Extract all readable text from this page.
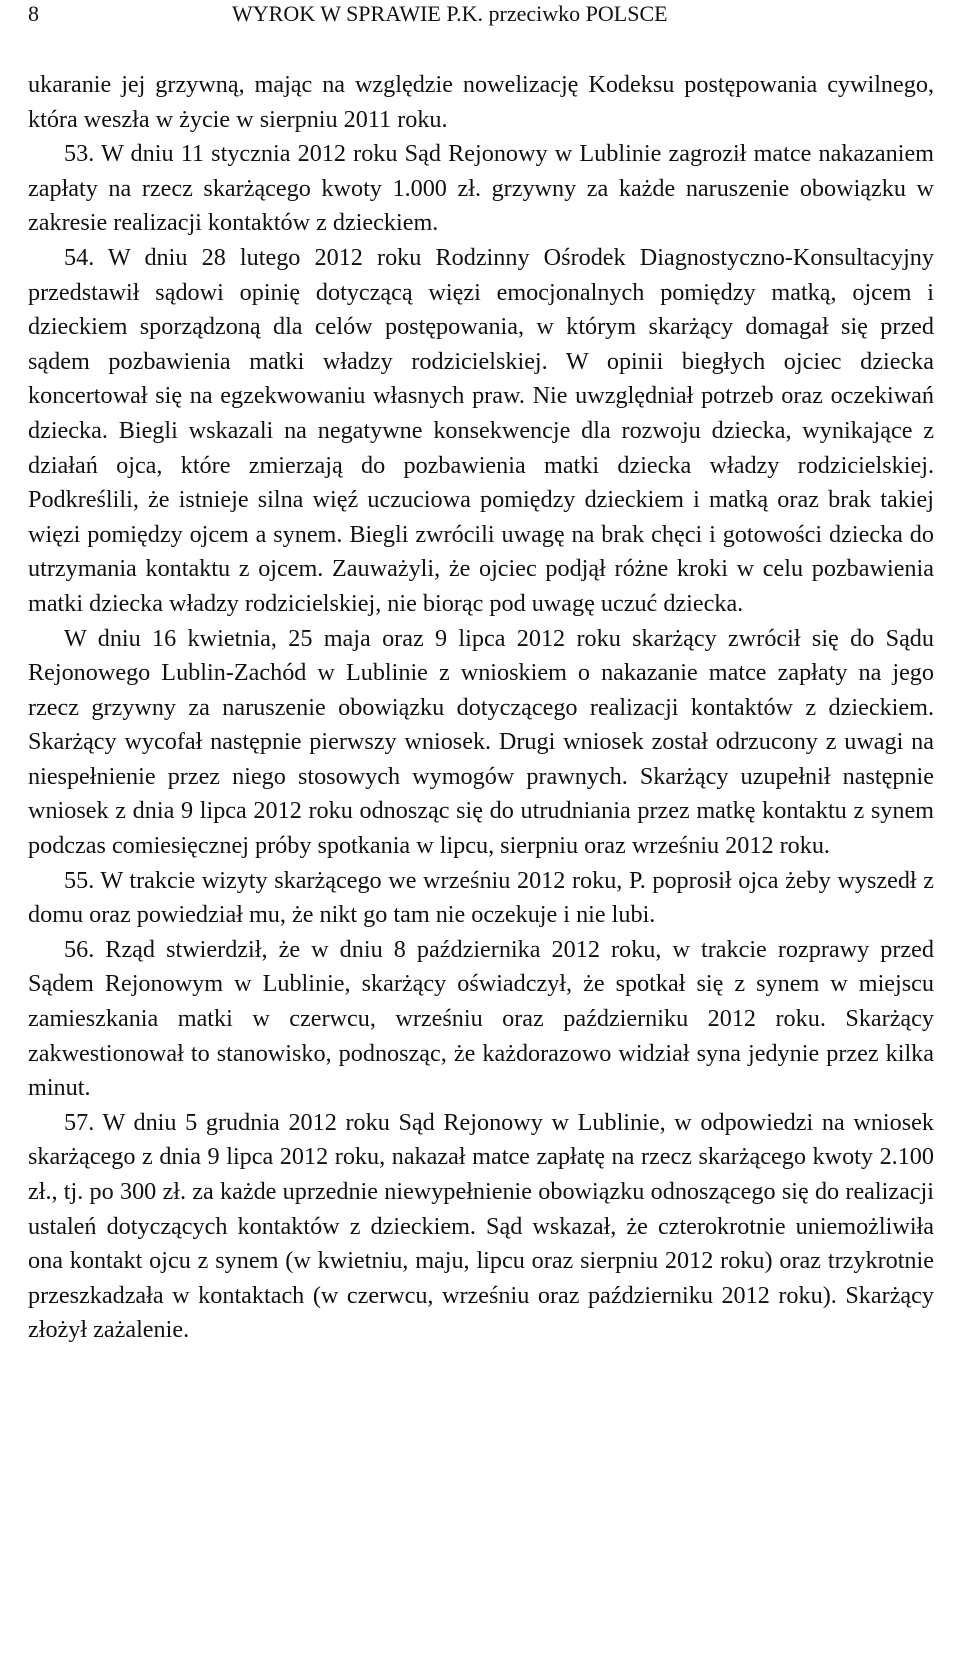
8	WYROK W SPRAWIE P.K. przeciwko POLSCE

ukaranie jej grzywną, mając na względzie nowelizację Kodeksu postępowania cywilnego, która weszła w życie w sierpniu 2011 roku.

53. W dniu 11 stycznia 2012 roku Sąd Rejonowy w Lublinie zagroził matce nakazaniem zapłaty na rzecz skarżącego kwoty 1.000 zł. grzywny za każde naruszenie obowiązku w zakresie realizacji kontaktów z dzieckiem.

54. W dniu 28 lutego 2012 roku Rodzinny Ośrodek Diagnostyczno-Konsultacyjny przedstawił sądowi opinię dotyczącą więzi emocjonalnych pomiędzy matką, ojcem i dzieckiem sporządzoną dla celów postępowania, w którym skarżący domagał się przed sądem pozbawienia matki władzy rodzicielskiej. W opinii biegłych ojciec dziecka koncertował się na egzekwowaniu własnych praw. Nie uwzględniał potrzeb oraz oczekiwań dziecka. Biegli wskazali na negatywne konsekwencje dla rozwoju dziecka, wynikające z działań ojca, które zmierzają do pozbawienia matki dziecka władzy rodzicielskiej. Podkreślili, że istnieje silna więź uczuciowa pomiędzy dzieckiem i matką oraz brak takiej więzi pomiędzy ojcem a synem. Biegli zwrócili uwagę na brak chęci i gotowości dziecka do utrzymania kontaktu z ojcem. Zauważyli, że ojciec podjął różne kroki w celu pozbawienia matki dziecka władzy rodzicielskiej, nie biorąc pod uwagę uczuć dziecka.

W dniu 16 kwietnia, 25 maja oraz 9 lipca 2012 roku skarżący zwrócił się do Sądu Rejonowego Lublin-Zachód w Lublinie z wnioskiem o nakazanie matce zapłaty na jego rzecz grzywny za naruszenie obowiązku dotyczącego realizacji kontaktów z dzieckiem. Skarżący wycofał następnie pierwszy wniosek. Drugi wniosek został odrzucony z uwagi na niespełnienie przez niego stosowych wymogów prawnych. Skarżący uzupełnił następnie wniosek z dnia 9 lipca 2012 roku odnosząc się do utrudniania przez matkę kontaktu z synem podczas comiesięcznej próby spotkania w lipcu, sierpniu oraz wrześniu 2012 roku.

55. W trakcie wizyty skarżącego we wrześniu 2012 roku, P. poprosił ojca żeby wyszedł z domu oraz powiedział mu, że nikt go tam nie oczekuje i nie lubi.

56. Rząd stwierdził, że w dniu 8 października 2012 roku, w trakcie rozprawy przed Sądem Rejonowym w Lublinie, skarżący oświadczył, że spotkał się z synem w miejscu zamieszkania matki w czerwcu, wrześniu oraz październiku 2012 roku. Skarżący zakwestionował to stanowisko, podnosząc, że każdorazowo widział syna jedynie przez kilka minut.

57. W dniu 5 grudnia 2012 roku Sąd Rejonowy w Lublinie, w odpowiedzi na wniosek skarżącego z dnia 9 lipca 2012 roku, nakazał matce zapłatę na rzecz skarżącego kwoty 2.100 zł., tj. po 300 zł. za każde uprzednie niewypełnienie obowiązku odnoszącego się do realizacji ustaleń dotyczących kontaktów z dzieckiem. Sąd wskazał, że czterokrotnie uniemożliwiła ona kontakt ojcu z synem (w kwietniu, maju, lipcu oraz sierpniu 2012 roku) oraz trzykrotnie przeszkadzała w kontaktach (w czerwcu, wrześniu oraz październiku 2012 roku). Skarżący złożył zażalenie.
